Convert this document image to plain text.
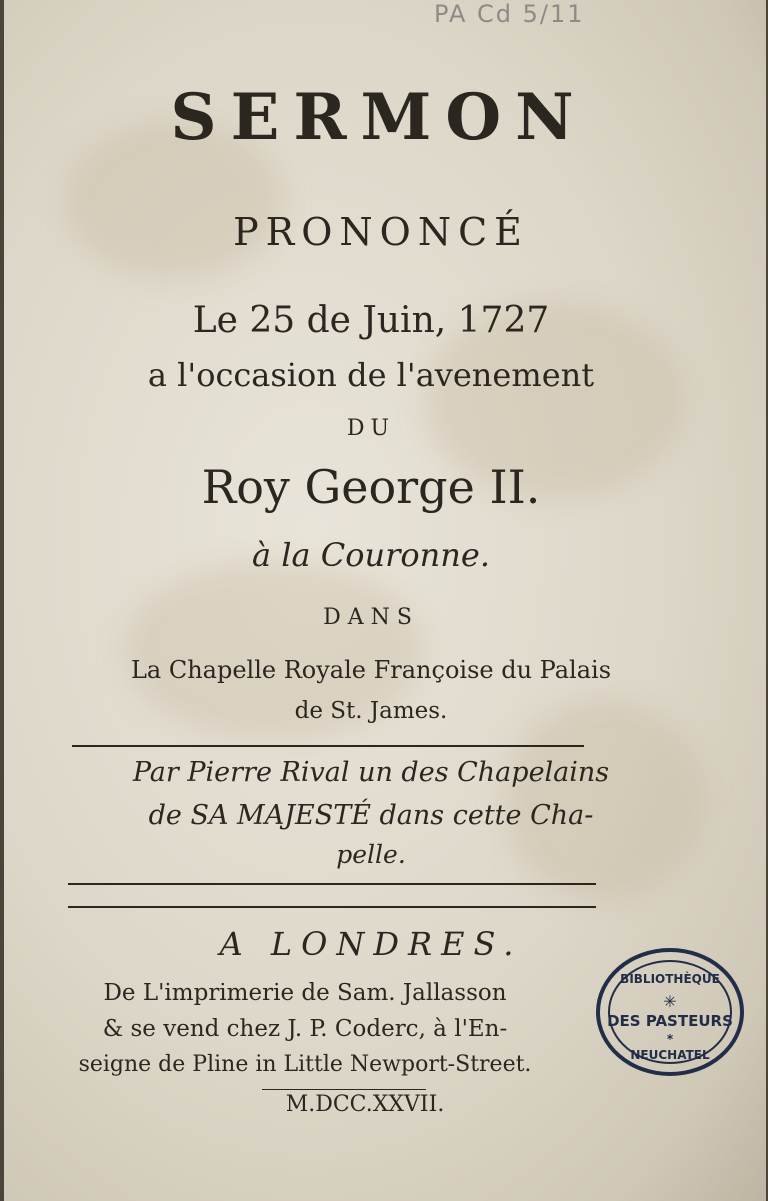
PA Cd 5/11
SERMON
PRONONCÉ
Le 25 de Juin, 1727
a l'occasion de l'avenement
DU
Roy George II.
à la Couronne.
DANS
La Chapelle Royale Françoise du Palais
de St. James.
Par Pierre Rival un des Chapelains
de SA MAJESTÉ dans cette Cha-
pelle.
A LONDRES.
De L'imprimerie de Sam. Jallasson
& se vend chez J. P. Coderc, à l'En-
seigne de Pline in Little Newport-Street.
M.DCC.XXVII.
BIBLIOTHÈQUE
✳
DES PASTEURS
*
NEUCHATEL
